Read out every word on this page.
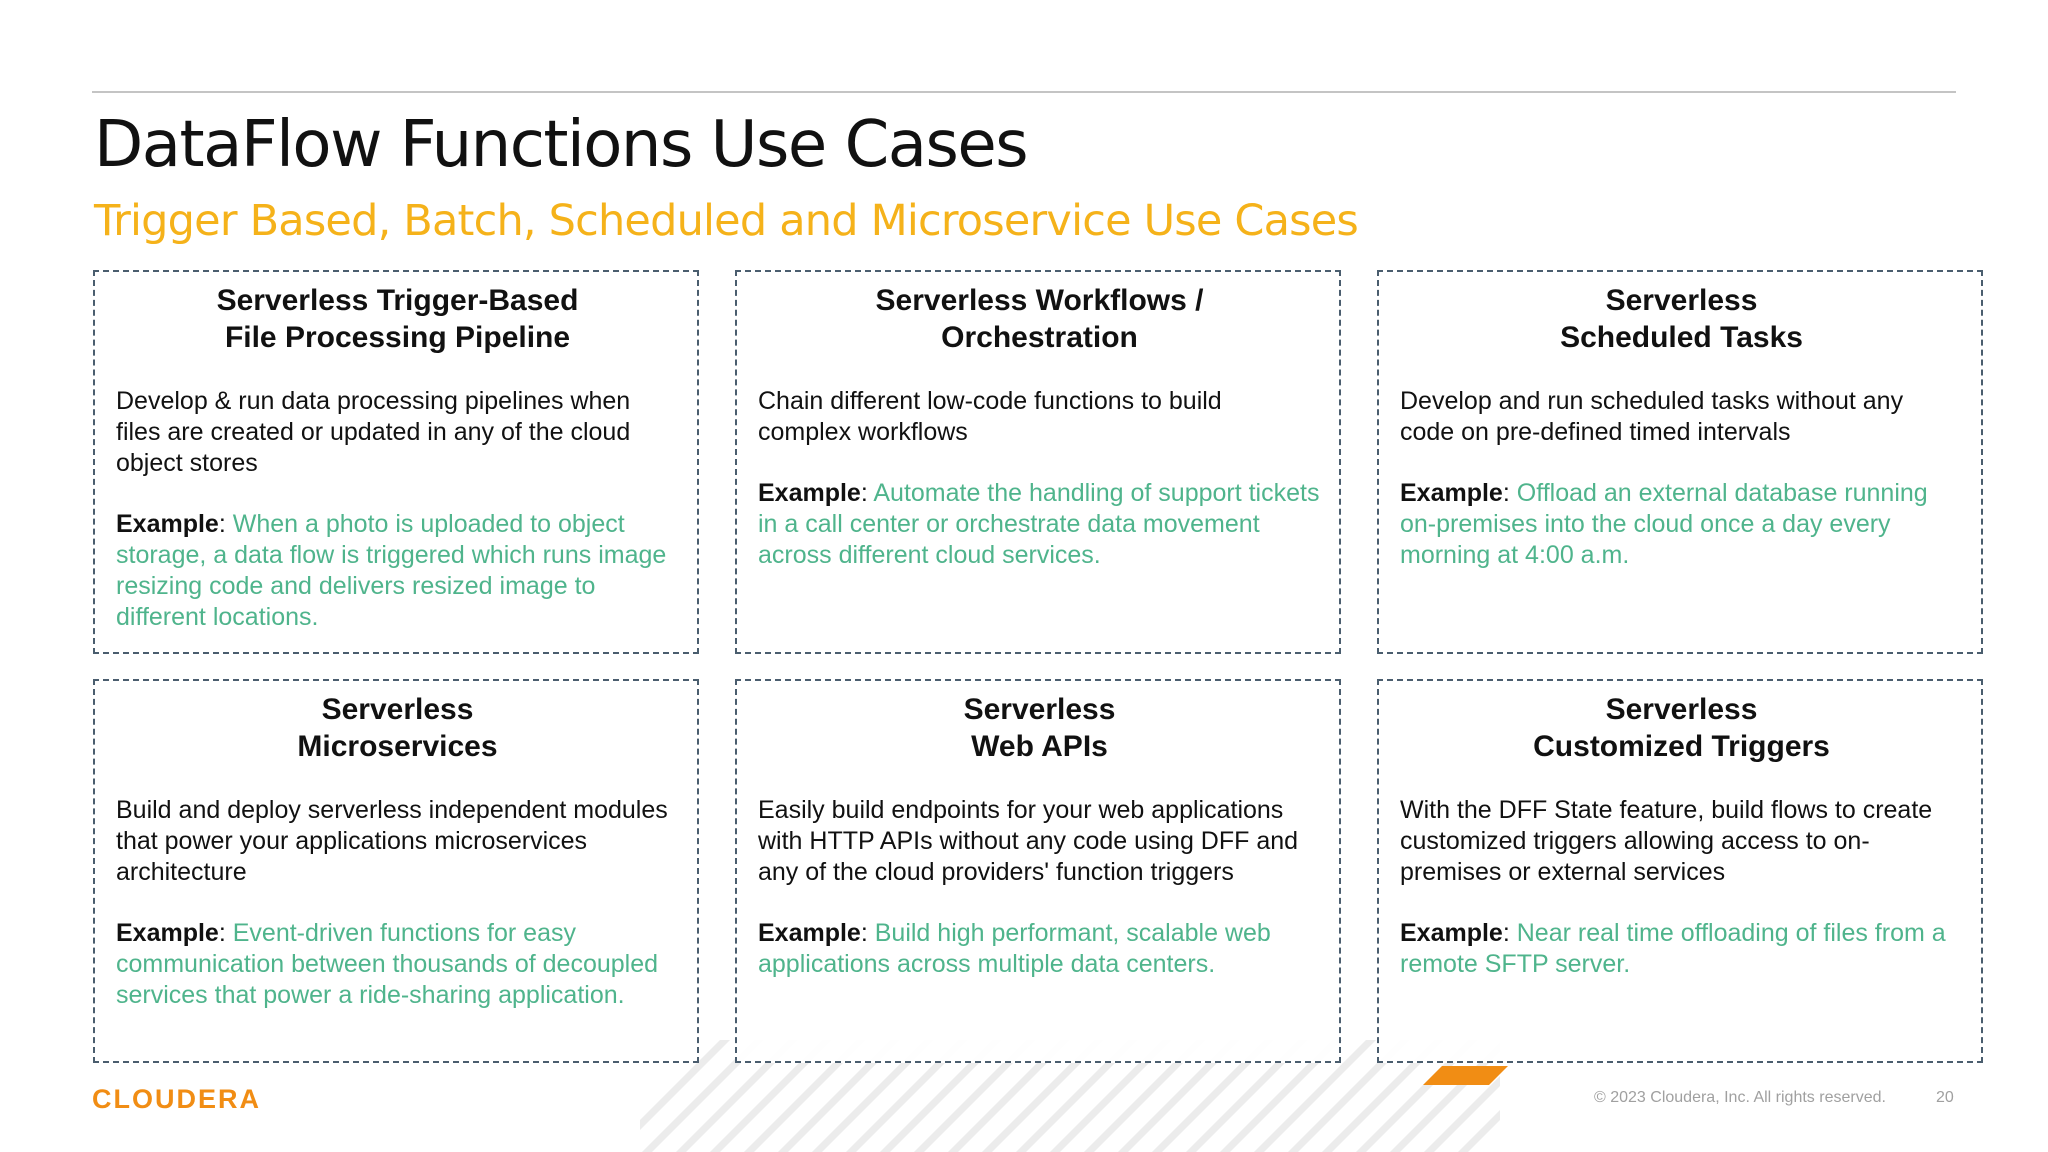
DataFlow Functions Use Cases
Trigger Based, Batch, Scheduled and Microservice Use Cases
Serverless Trigger-Based
File Processing Pipeline

Develop & run data processing pipelines when files are created or updated in any of the cloud object stores

Example: When a photo is uploaded to object storage, a data flow is triggered which runs image resizing code and delivers resized image to different locations.

Serverless Workflows /
Orchestration

Chain different low-code functions to build complex workflows

Example: Automate the handling of support tickets in a call center or orchestrate data movement across different cloud services.

Serverless
Scheduled Tasks

Develop and run scheduled tasks without any code on pre-defined timed intervals

Example: Offload an external database running on-premises into the cloud once a day every morning at 4:00 a.m.

Serverless
Microservices

Build and deploy serverless independent modules that power your applications microservices architecture

Example: Event-driven functions for easy communication between thousands of decoupled services that power a ride-sharing application.

Serverless
Web APIs

Easily build endpoints for your web applications with HTTP APIs without any code using DFF and any of the cloud providers' function triggers

Example: Build high performant, scalable web applications across multiple data centers.

Serverless
Customized Triggers

With the DFF State feature, build flows to create customized triggers allowing access to on-premises or external services

Example: Near real time offloading of files from a remote SFTP server.

CLOUDERA	© 2023 Cloudera, Inc. All rights reserved.	20
